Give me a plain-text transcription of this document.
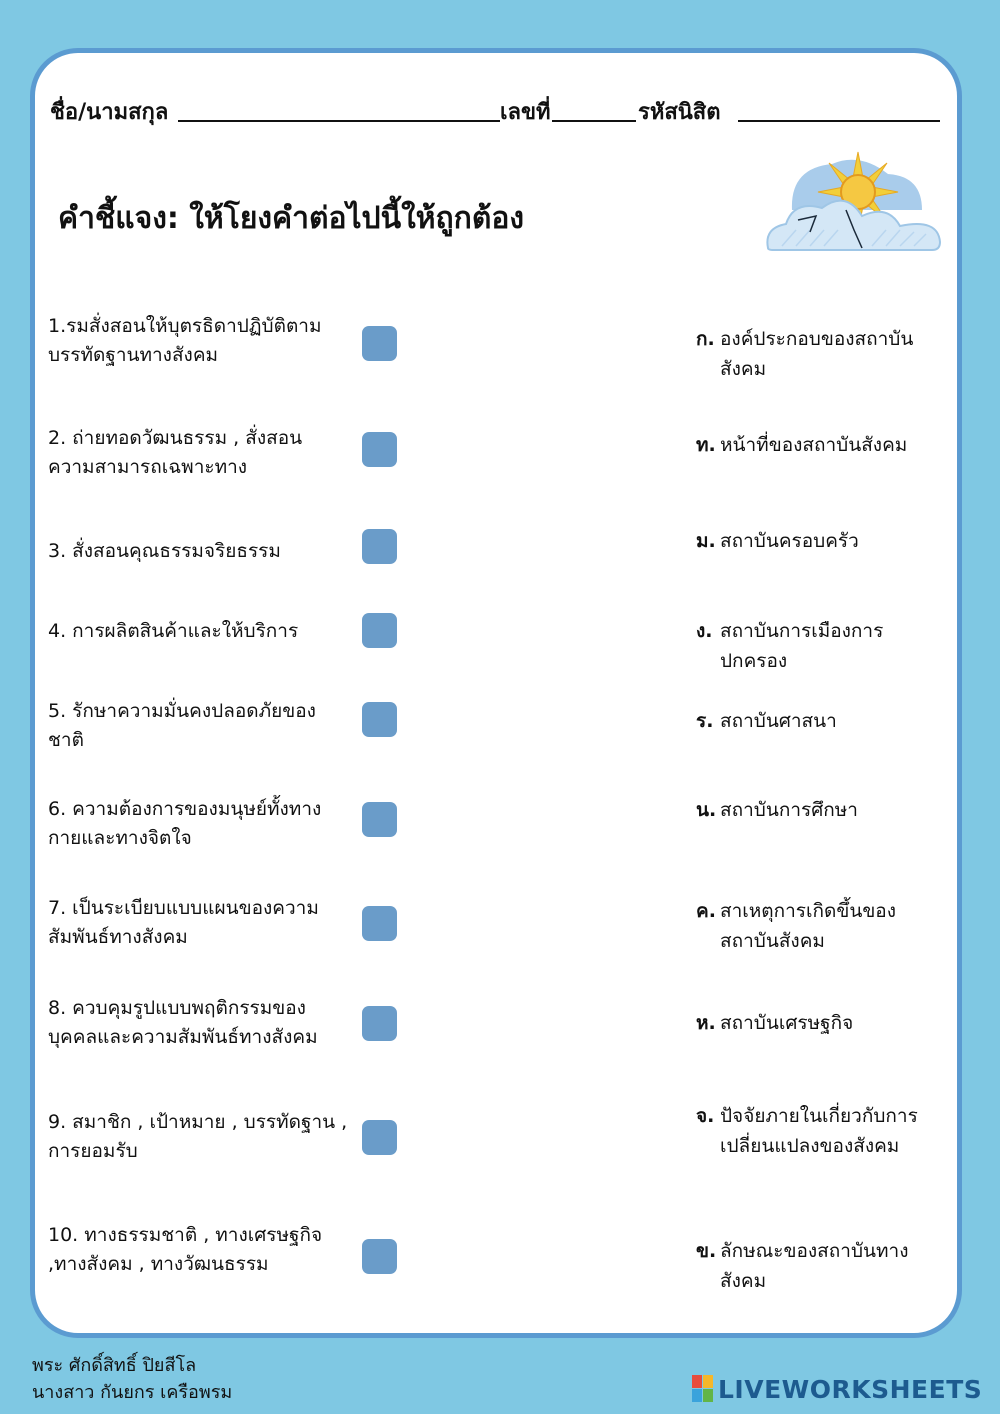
ชื่อ/นามสกุล	เลขที่	รหัสนิสิต
คำชี้แจง: ให้โยงคำต่อไปนี้ให้ถูกต้อง
1.รมสั่งสอนให้บุตรธิดาปฏิบัติตาม บรรทัดฐานทางสังคม
2. ถ่ายทอดวัฒนธรรม , สั่งสอน ความสามารถเฉพาะทาง
3. สั่งสอนคุณธรรมจริยธรรม
4. การผลิตสินค้าและให้บริการ
5. รักษาความมั่นคงปลอดภัยของ ชาติ
6. ความต้องการของมนุษย์ทั้งทาง กายและทางจิตใจ
7. เป็นระเบียบแบบแผนของความ สัมพันธ์ทางสังคม
8. ควบคุมรูปแบบพฤติกรรมของ บุคคลและความสัมพันธ์ทางสังคม
9. สมาชิก , เป้าหมาย , บรรทัดฐาน , การยอมรับ
10. ทางธรรมชาติ , ทางเศรษฐกิจ ,ทางสังคม , ทางวัฒนธรรม
ก. องค์ประกอบของสถาบัน สังคม
ท. หน้าที่ของสถาบันสังคม
ม. สถาบันครอบครัว
ง. สถาบันการเมืองการ ปกครอง
ร. สถาบันศาสนา
น. สถาบันการศึกษา
ค. สาเหตุการเกิดขึ้นของ สถาบันสังคม
ห. สถาบันเศรษฐกิจ
จ. ปัจจัยภายในเกี่ยวกับการ เปลี่ยนแปลงของสังคม
ข. ลักษณะของสถาบันทาง สังคม
พระ ศักดิ์สิทธิ์ ปิยสีโล
นางสาว กันยกร เครือพรม	LIVEWORKSHEETS
